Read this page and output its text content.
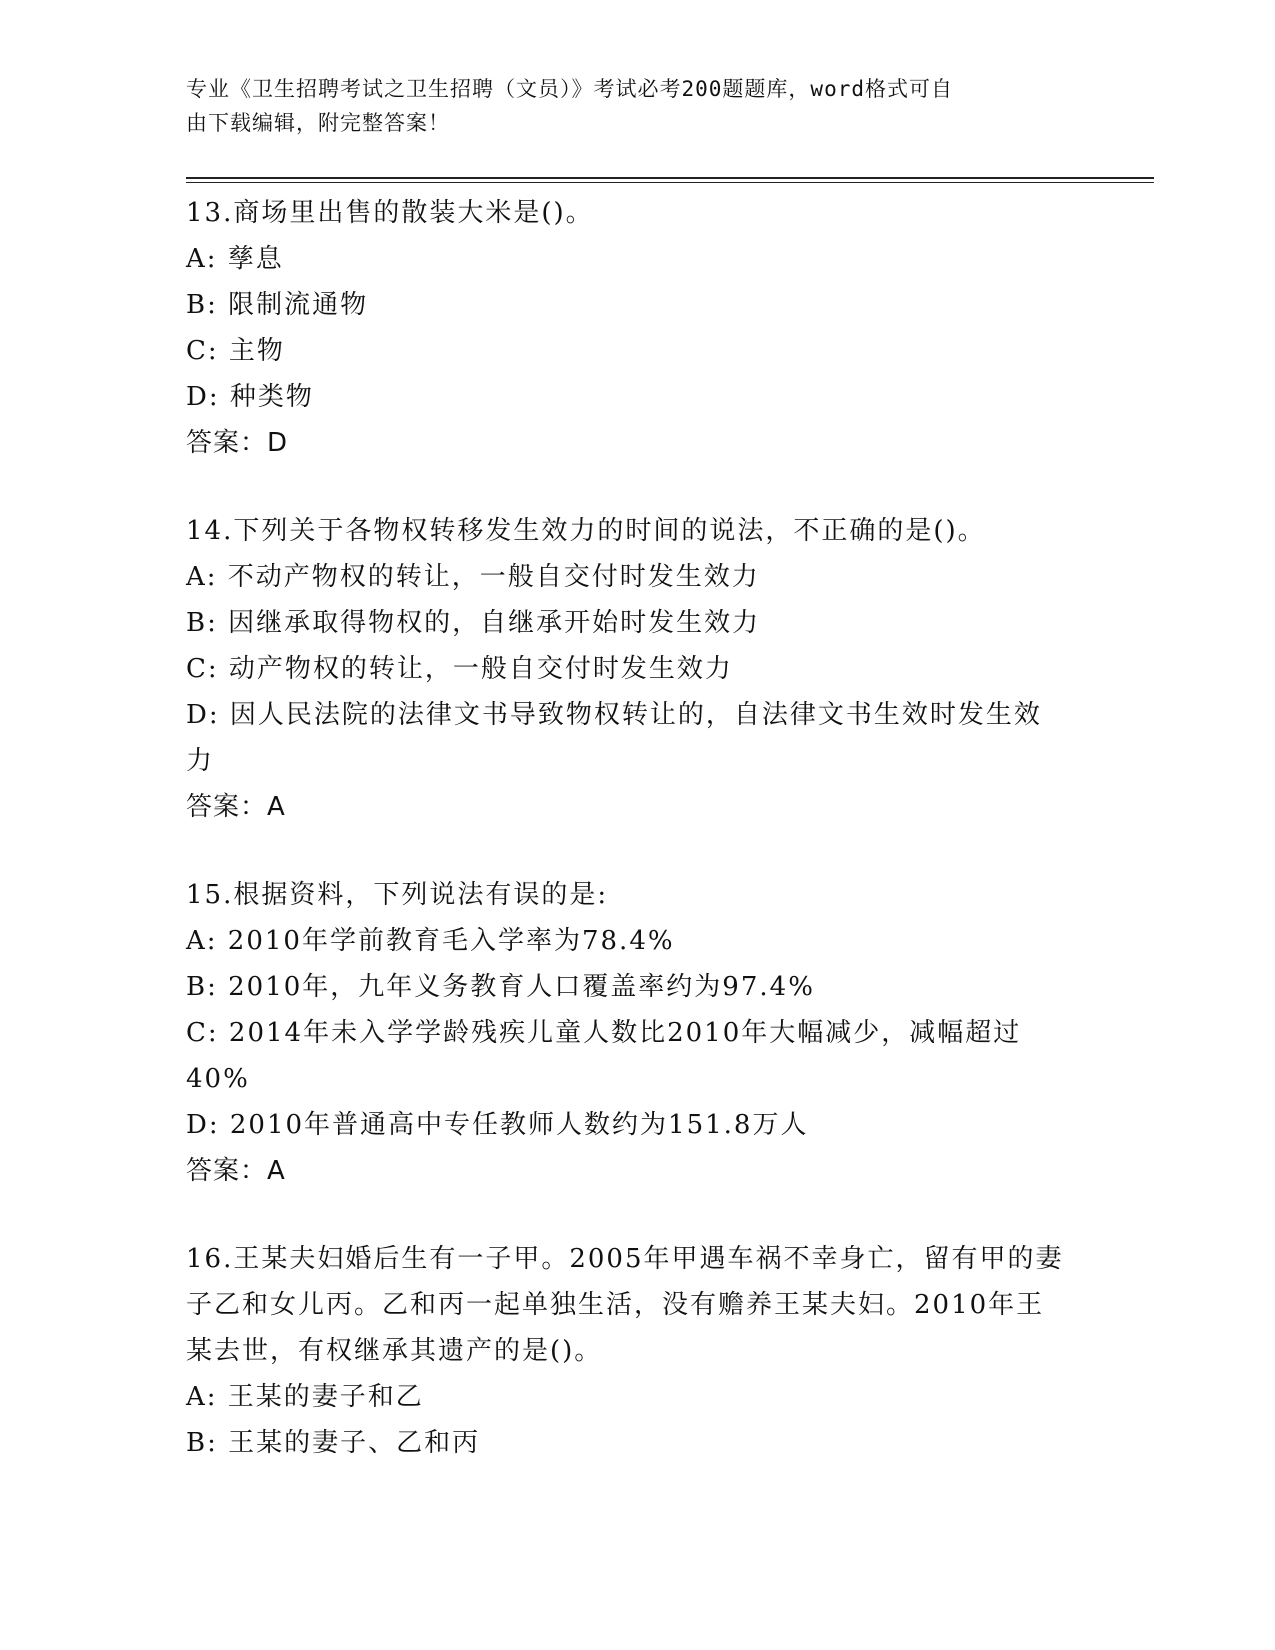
专业《卫生招聘考试之卫生招聘（文员）》考试必考200题题库，word格式可自
由下载编辑，附完整答案！
13.商场里出售的散装大米是()。
A: 孳息
B: 限制流通物
C: 主物
D: 种类物
答案：D
14.下列关于各物权转移发生效力的时间的说法，不正确的是()。
A: 不动产物权的转让，一般自交付时发生效力
B: 因继承取得物权的，自继承开始时发生效力
C: 动产物权的转让，一般自交付时发生效力
D: 因人民法院的法律文书导致物权转让的，自法律文书生效时发生效
力
答案：A
15.根据资料，下列说法有误的是:
A: 2010年学前教育毛入学率为78.4%
B: 2010年，九年义务教育人口覆盖率约为97.4%
C: 2014年未入学学龄残疾儿童人数比2010年大幅减少，减幅超过
40%
D: 2010年普通高中专任教师人数约为151.8万人
答案：A
16.王某夫妇婚后生有一子甲。2005年甲遇车祸不幸身亡，留有甲的妻
子乙和女儿丙。乙和丙一起单独生活，没有赡养王某夫妇。2010年王
某去世，有权继承其遗产的是()。
A: 王某的妻子和乙
B: 王某的妻子、乙和丙
